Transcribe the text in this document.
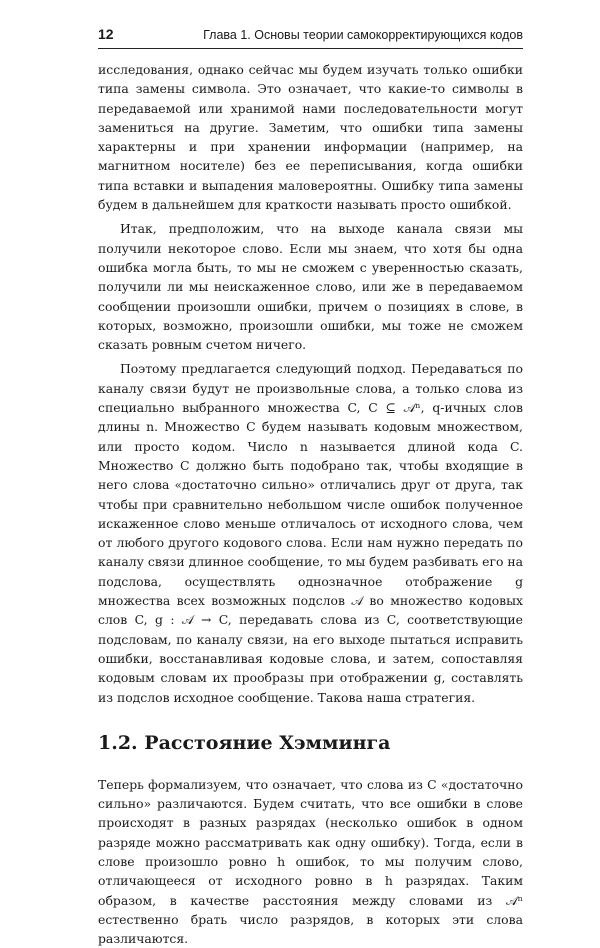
12	Глава 1. Основы теории самокорректирующихся кодов

исследования, однако сейчас мы будем изучать только ошибки типа замены символа. Это означает, что какие-то символы в передаваемой или хранимой нами последовательности могут замениться на другие. Заметим, что ошибки типа замены характерны и при хранении информации (например, на магнитном носителе) без ее переписывания, когда ошибки типа вставки и выпадения маловероятны. Ошибку типа замены будем в дальнейшем для краткости называть просто ошибкой.

Итак, предположим, что на выходе канала связи мы получили некоторое слово. Если мы знаем, что хотя бы одна ошибка могла быть, то мы не сможем с уверенностью сказать, получили ли мы неискаженное слово, или же в передаваемом сообщении произошли ошибки, причем о позициях в слове, в которых, возможно, произошли ошибки, мы тоже не сможем сказать ровным счетом ничего.

Поэтому предлагается следующий подход. Передаваться по каналу связи будут не произвольные слова, а только слова из специально выбранного множества C, C ⊆ 𝒜ⁿ, q-ичных слов длины n. Множество C будем называть кодовым множеством, или просто кодом. Число n называется длиной кода C. Множество C должно быть подобрано так, чтобы входящие в него слова «достаточно сильно» отличались друг от друга, так чтобы при сравнительно небольшом числе ошибок полученное искаженное слово меньше отличалось от исходного слова, чем от любого другого кодового слова. Если нам нужно передать по каналу связи длинное сообщение, то мы будем разбивать его на подслова, осуществлять однозначное отображение g множества всех возможных подслов 𝒜 во множество кодовых слов C, g : 𝒜 → C, передавать слова из C, соответствующие подсловам, по каналу связи, на его выходе пытаться исправить ошибки, восстанавливая кодовые слова, и затем, сопоставляя кодовым словам их прообразы при отображении g, составлять из подслов исходное сообщение. Такова наша стратегия.

1.2. Расстояние Хэмминга

Теперь формализуем, что означает, что слова из C «достаточно сильно» различаются. Будем считать, что все ошибки в слове происходят в разных разрядах (несколько ошибок в одном разряде можно рассматривать как одну ошибку). Тогда, если в слове произошло ровно h ошибок, то мы получим слово, отличающееся от исходного ровно в h разрядах. Таким образом, в качестве расстояния между словами из 𝒜ⁿ естественно брать число разрядов, в которых эти слова различаются.
